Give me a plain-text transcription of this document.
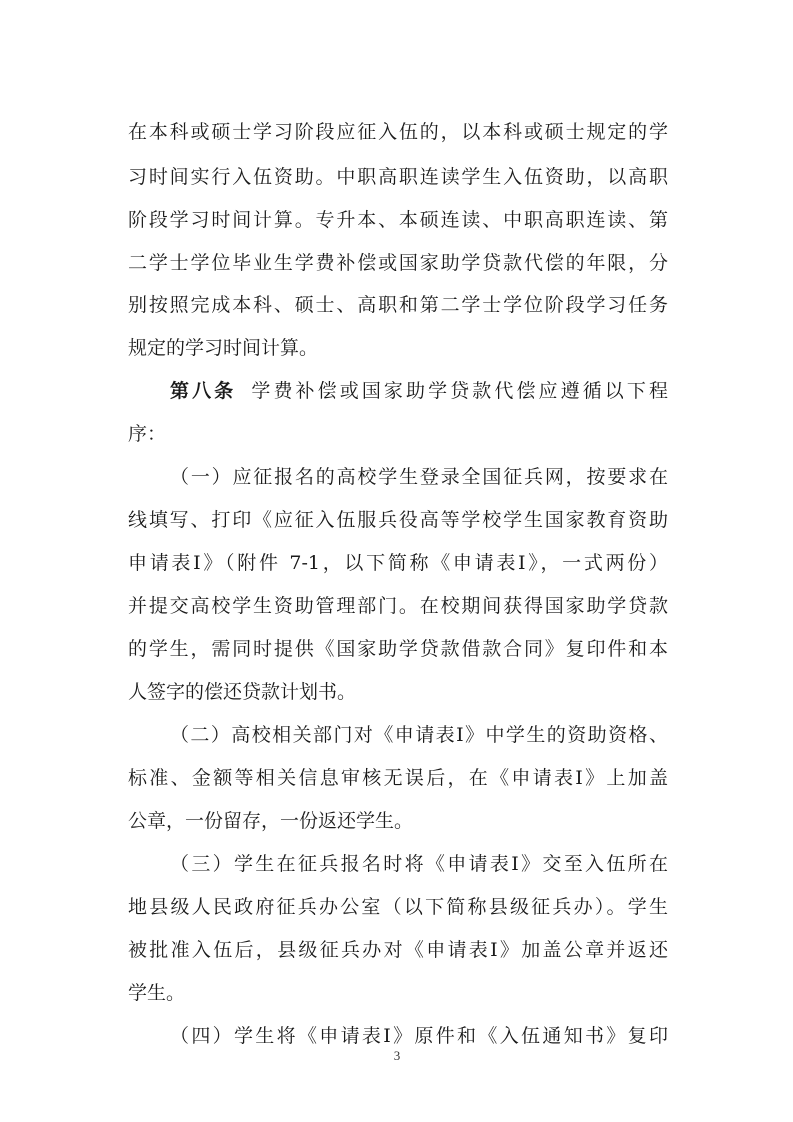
在本科或硕士学习阶段应征入伍的，以本科或硕士规定的学
习时间实行入伍资助。中职高职连读学生入伍资助，以高职
阶段学习时间计算。专升本、本硕连读、中职高职连读、第
二学士学位毕业生学费补偿或国家助学贷款代偿的年限，分
别按照完成本科、硕士、高职和第二学士学位阶段学习任务
规定的学习时间计算。
第八条 学费补偿或国家助学贷款代偿应遵循以下程
序：
（一）应征报名的高校学生登录全国征兵网，按要求在
线填写、打印《应征入伍服兵役高等学校学生国家教育资助
申请表Ⅰ》（附件 7-1，以下简称《申请表Ⅰ》，一式两份）
并提交高校学生资助管理部门。在校期间获得国家助学贷款
的学生，需同时提供《国家助学贷款借款合同》复印件和本
人签字的偿还贷款计划书。
（二）高校相关部门对《申请表Ⅰ》中学生的资助资格、
标准、金额等相关信息审核无误后，在《申请表Ⅰ》上加盖
公章，一份留存，一份返还学生。
（三）学生在征兵报名时将《申请表Ⅰ》交至入伍所在
地县级人民政府征兵办公室（以下简称县级征兵办）。学生
被批准入伍后，县级征兵办对《申请表Ⅰ》加盖公章并返还
学生。
（四）学生将《申请表Ⅰ》原件和《入伍通知书》复印
3
